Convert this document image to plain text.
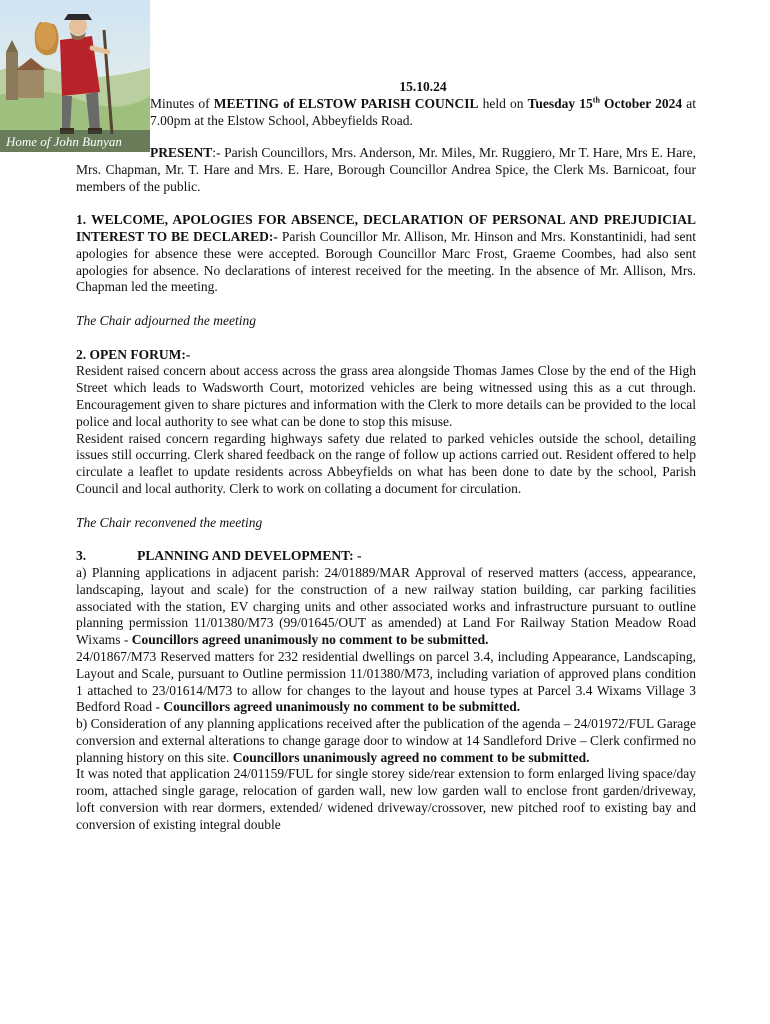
Home of John Bunyan

15.10.24

Minutes of MEETING of ELSTOW PARISH COUNCIL held on Tuesday 15th October 2024 at 7.00pm at the Elstow School, Abbeyfields Road.

PRESENT:- Parish Councillors, Mrs. Anderson, Mr. Miles, Mr. Ruggiero, Mr T. Hare, Mrs E. Hare, Mrs. Chapman, Mr. T. Hare and Mrs. E. Hare, Borough Councillor Andrea Spice, the Clerk Ms. Barnicoat, four members of the public.

1. WELCOME, APOLOGIES FOR ABSENCE, DECLARATION OF PERSONAL AND PREJUDICIAL INTEREST TO BE DECLARED:- Parish Councillor Mr. Allison, Mr. Hinson and Mrs. Konstantinidi, had sent apologies for absence these were accepted. Borough Councillor Marc Frost, Graeme Coombes, had also sent apologies for absence. No declarations of interest received for the meeting. In the absence of Mr. Allison, Mrs. Chapman led the meeting.

The Chair adjourned the meeting

2. OPEN FORUM:-

Resident raised concern about access across the grass area alongside Thomas James Close by the end of the High Street which leads to Wadsworth Court, motorized vehicles are being witnessed using this as a cut through. Encouragement given to share pictures and information with the Clerk to more details can be provided to the local police and local authority to see what can be done to stop this misuse.

Resident raised concern regarding highways safety due related to parked vehicles outside the school, detailing issues still occurring. Clerk shared feedback on the range of follow up actions carried out. Resident offered to help circulate a leaflet to update residents across Abbeyfields on what has been done to date by the school, Parish Council and local authority. Clerk to work on collating a document for circulation.

The Chair reconvened the meeting

3.	PLANNING AND DEVELOPMENT: -

a) Planning applications in adjacent parish: 24/01889/MAR Approval of reserved matters (access, appearance, landscaping, layout and scale) for the construction of a new railway station building, car parking facilities associated with the station, EV charging units and other associated works and infrastructure pursuant to outline planning permission 11/01380/M73 (99/01645/OUT as amended) at Land For Railway Station Meadow Road Wixams - Councillors agreed unanimously no comment to be submitted.

24/01867/M73 Reserved matters for 232 residential dwellings on parcel 3.4, including Appearance, Landscaping, Layout and Scale, pursuant to Outline permission 11/01380/M73, including variation of approved plans condition 1 attached to 23/01614/M73 to allow for changes to the layout and house types at Parcel 3.4 Wixams Village 3 Bedford Road - Councillors agreed unanimously no comment to be submitted.

b) Consideration of any planning applications received after the publication of the agenda – 24/01972/FUL Garage conversion and external alterations to change garage door to window at 14 Sandleford Drive – Clerk confirmed no planning history on this site. Councillors unanimously agreed no comment to be submitted.

It was noted that application 24/01159/FUL for single storey side/rear extension to form enlarged living space/day room, attached single garage, relocation of garden wall, new low garden wall to enclose front garden/driveway, loft conversion with rear dormers, extended/ widened driveway/crossover, new pitched roof to existing bay and conversion of existing integral double
